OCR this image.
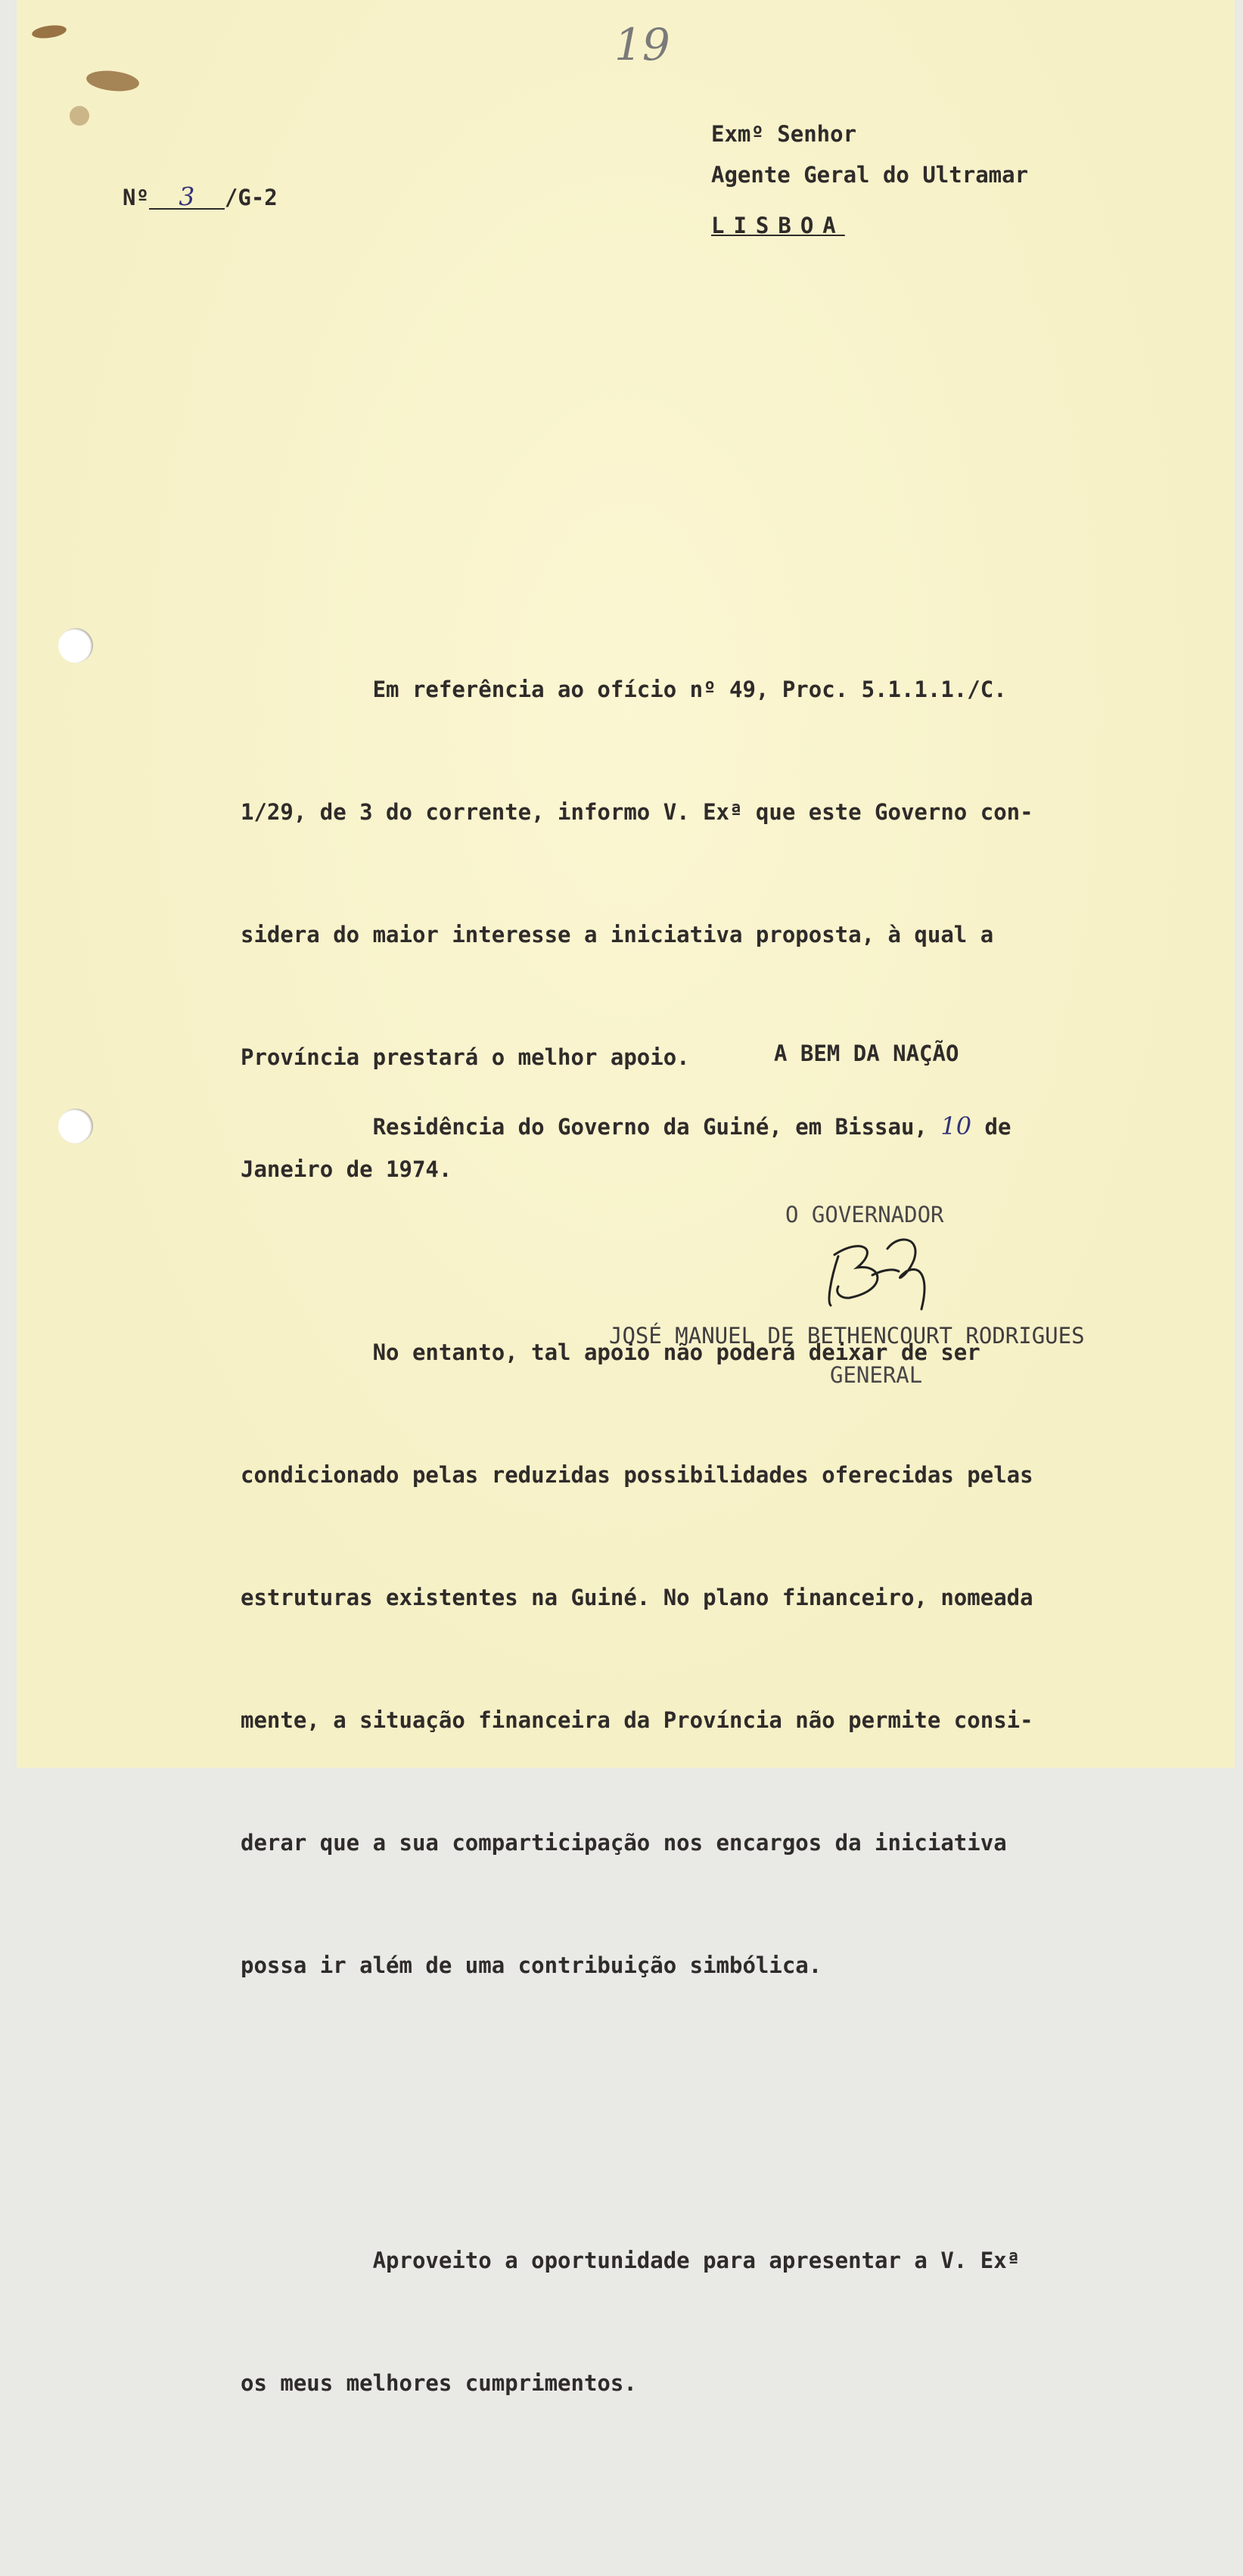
19
Nº 3 /G-2
Exmº Senhor
Agente Geral do Ultramar
LISBOA

Em referência ao ofício nº 49, Proc. 5.1.1.1./C.

1/29, de 3 do corrente, informo V. Exª que este Governo con-

sidera do maior interesse a iniciativa proposta, à qual a

Província prestará o melhor apoio.

No entanto, tal apoio não poderá deixar de ser

condicionado pelas reduzidas possibilidades oferecidas pelas

estruturas existentes na Guiné. No plano financeiro, nomeada

mente, a situação financeira da Província não permite consi-

derar que a sua comparticipação nos encargos da iniciativa

possa ir além de uma contribuição simbólica.

Aproveito a oportunidade para apresentar a V. Exª

os meus melhores cumprimentos.

A BEM DA NAÇÃO
Residência do Governo da Guiné, em Bissau, 10 de
Janeiro de 1974.
O GOVERNADOR
JOSÉ MANUEL DE BETHENCOURT RODRIGUES
GENERAL
